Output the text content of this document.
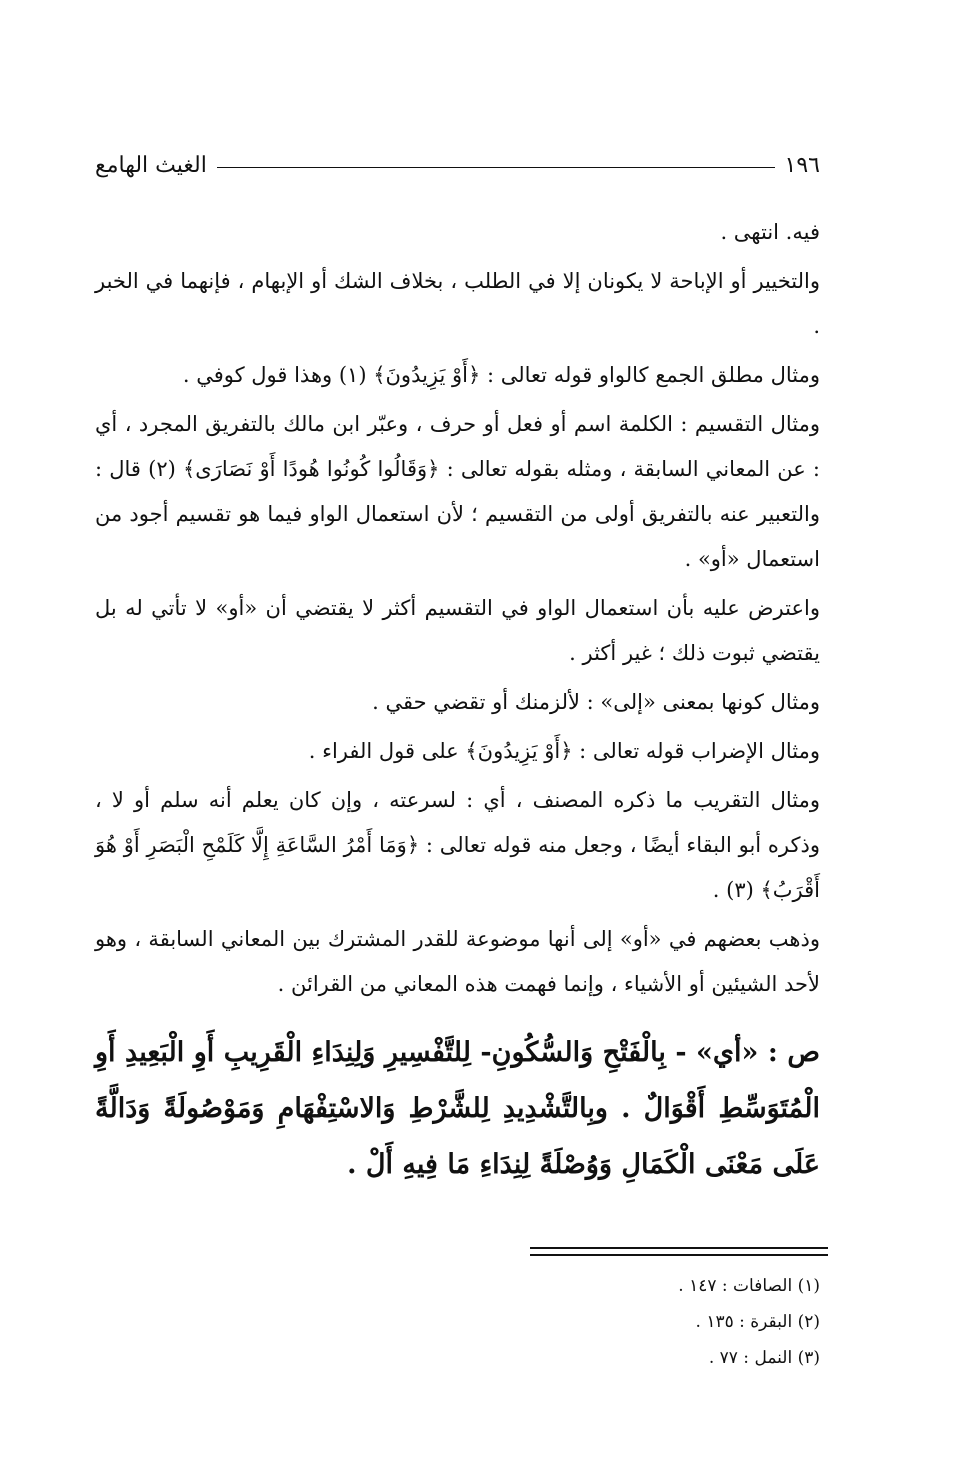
١٩٦
الغيث الهامع

فيه. انتهى .

والتخيير أو الإباحة لا يكونان إلا في الطلب ، بخلاف الشك أو الإبهام ، فإنهما في الخبر .

ومثال مطلق الجمع كالواو قوله تعالى : ﴿أَوْ يَزِيدُونَ﴾ (١) وهذا قول كوفي .

ومثال التقسيم : الكلمة اسم أو فعل أو حرف ، وعبّر ابن مالك بالتفريق المجرد ، أي : عن المعاني السابقة ، ومثله بقوله تعالى : ﴿وَقَالُوا كُونُوا هُودًا أَوْ نَصَارَى﴾ (٢) قال : والتعبير عنه بالتفريق أولى من التقسيم ؛ لأن استعمال الواو فيما هو تقسيم أجود من استعمال «أو» .

واعترض عليه بأن استعمال الواو في التقسيم أكثر لا يقتضي أن «أو» لا تأتي له بل يقتضي ثبوت ذلك ؛ غير أكثر .

ومثال كونها بمعنى «إلى» : لألزمنك أو تقضي حقي .

ومثال الإضراب قوله تعالى : ﴿أَوْ يَزِيدُونَ﴾ على قول الفراء .

ومثال التقريب ما ذكره المصنف ، أي : لسرعته ، وإن كان يعلم أنه سلم أو لا ، وذكره أبو البقاء أيضًا ، وجعل منه قوله تعالى : ﴿وَمَا أَمْرُ السَّاعَةِ إِلَّا كَلَمْحِ الْبَصَرِ أَوْ هُوَ أَقْرَبُ﴾ (٣) .

وذهب بعضهم في «أو» إلى أنها موضوعة للقدر المشترك بين المعاني السابقة ، وهو لأحد الشيئين أو الأشياء ، وإنما فهمت هذه المعاني من القرائن .

ص : «أي» - بِالْفَتْحِ وَالسُّكُونِ- لِلتَّفْسِيرِ وَلِنِدَاءِ الْقَرِيبِ أَوِ الْبَعِيدِ أَوِ الْمُتَوَسِّطِ أَقْوَالٌ . وبِالتَّشْدِيدِ لِلشَّرْطِ وَالاسْتِفْهَامِ وَمَوْصُولَةً وَدَالَّةً عَلَى مَعْنَى الْكَمَالِ وَوُصْلَةً لِنِدَاءِ مَا فِيهِ أَلْ .

(١) الصافات : ١٤٧ .
(٢) البقرة : ١٣٥ .
(٣) النمل : ٧٧ .
